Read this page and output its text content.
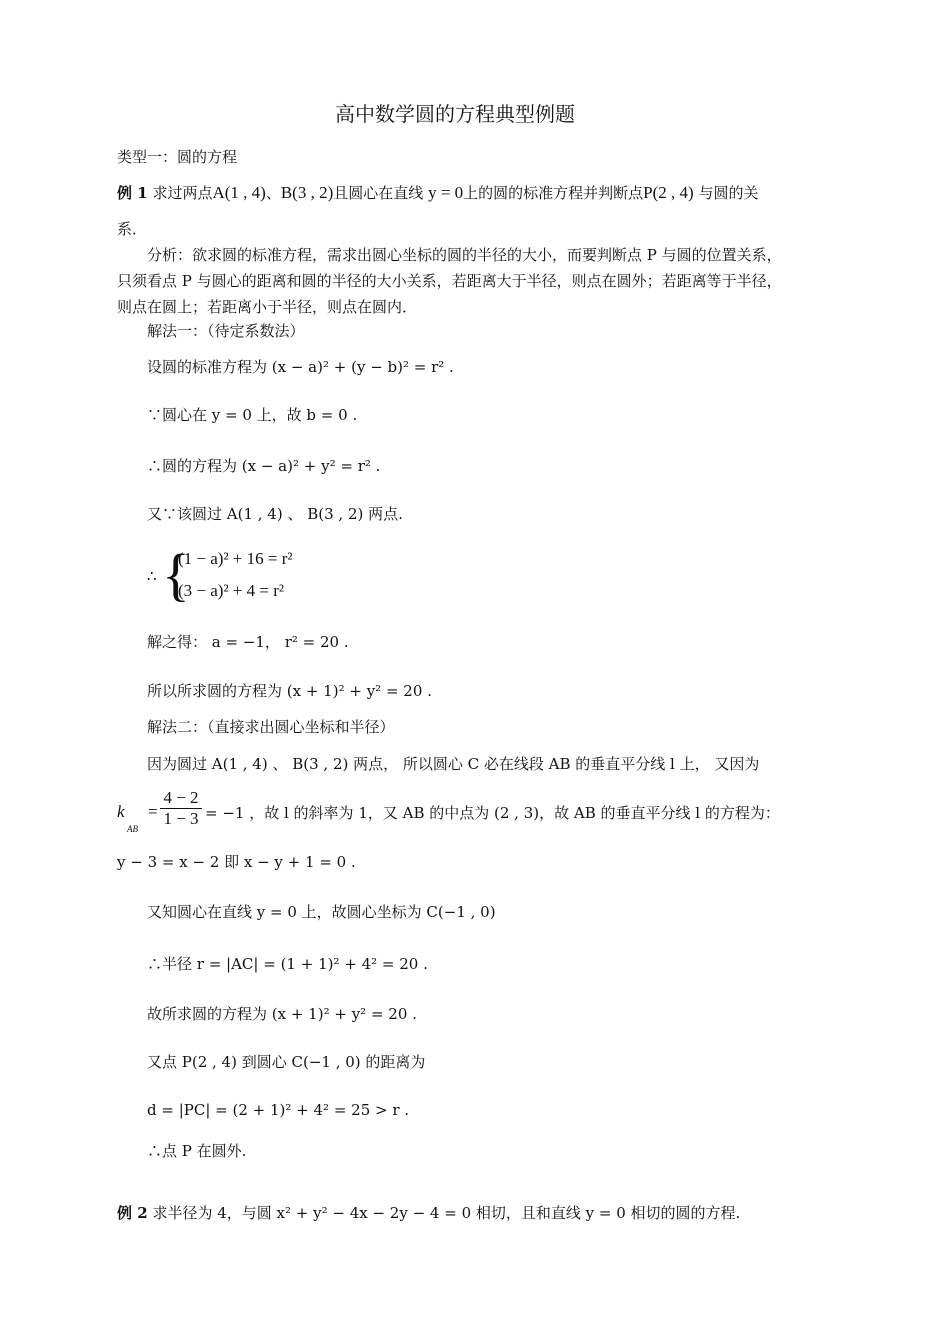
高中数学圆的方程典型例题
类型一：圆的方程
例 1 求过两点A(1 , 4)、B(3 , 2)且圆心在直线 y = 0上的圆的标准方程并判断点P(2 , 4) 与圆的关
系．
分析：欲求圆的标准方程，需求出圆心坐标的圆的半径的大小，而要判断点 P 与圆的位置关系，
只须看点 P 与圆心的距离和圆的半径的大小关系，若距离大于半径，则点在圆外；若距离等于半径，
则点在圆上；若距离小于半径，则点在圆内．
解法一：（待定系数法）
设圆的标准方程为 (x − a)² + (y − b)² = r² .
∵圆心在 y = 0 上，故 b = 0 .
∴圆的方程为 (x − a)² + y² = r² .
又∵该圆过 A(1 , 4) 、 B(3 , 2) 两点.
∴ {
(1 − a)² + 16 = r²
(3 − a)² + 4 = r²
解之得： a = −1， r² = 20 .
所以所求圆的方程为 (x + 1)² + y² = 20 .
解法二：（直接求出圆心坐标和半径）
因为圆过 A(1 , 4) 、 B(3 , 2) 两点， 所以圆心 C 必在线段 AB 的垂直平分线 l 上， 又因为
k
AB
= $\frac{4 - 2}{1 - 3} = -1$ ，故 l 的斜率为 1，又 AB 的中点为 (2 , 3)，故 AB 的垂直平分线 l 的方程为：
y − 3 = x − 2 即 x − y + 1 = 0 .
又知圆心在直线 y = 0 上，故圆心坐标为 C(−1 , 0)
∴半径 r = |AC| = (1 + 1)² + 4² = 20 .
故所求圆的方程为 (x + 1)² + y² = 20 .
又点 P(2 , 4) 到圆心 C(−1 , 0) 的距离为
d = |PC| = (2 + 1)² + 4² = 25 > r .
∴点 P 在圆外.
例 2 求半径为 4，与圆 x² + y² − 4x − 2y − 4 = 0 相切，且和直线 y = 0 相切的圆的方程.
